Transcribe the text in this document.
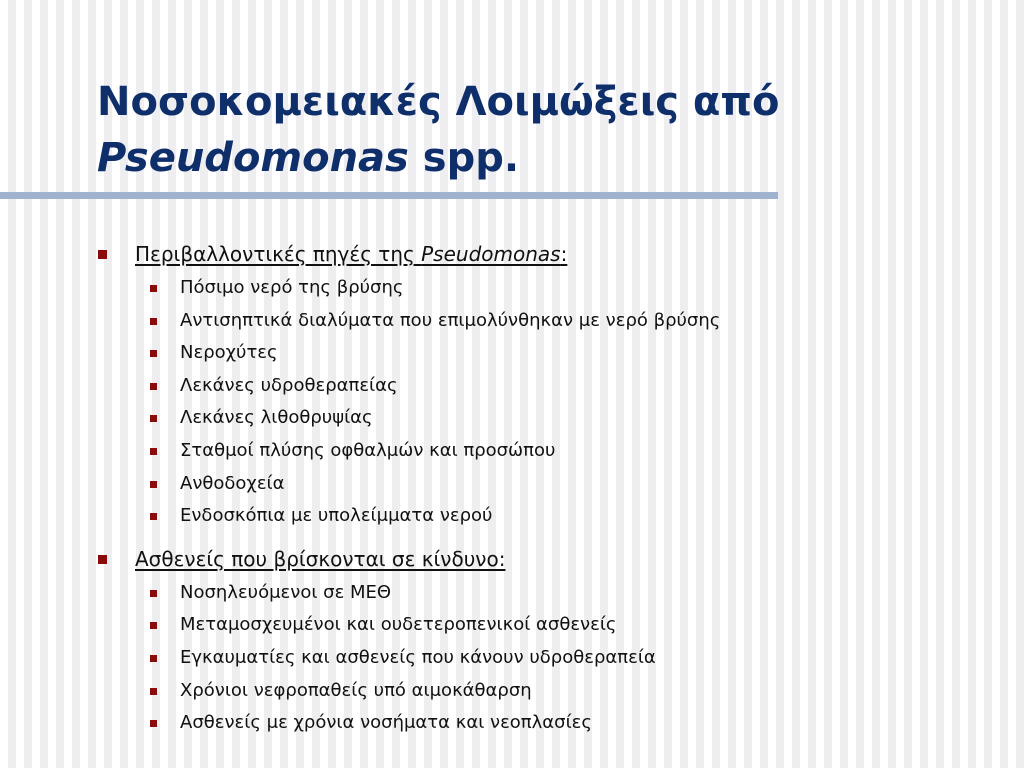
Νοσοκομειακές Λοιμώξεις από
Pseudomonas spp.
Περιβαλλοντικές πηγές της Pseudomonas:
Πόσιμο νερό της βρύσης
Αντισηπτικά διαλύματα που επιμολύνθηκαν με νερό βρύσης
Νεροχύτες
Λεκάνες υδροθεραπείας
Λεκάνες λιθοθρυψίας
Σταθμοί πλύσης οφθαλμών και προσώπου
Ανθοδοχεία
Ενδοσκόπια με υπολείμματα νερού
Ασθενείς που βρίσκονται σε κίνδυνο:
Νοσηλευόμενοι σε ΜΕΘ
Μεταμοσχευμένοι και ουδετεροπενικοί ασθενείς
Εγκαυματίες και ασθενείς που κάνουν υδροθεραπεία
Χρόνιοι νεφροπαθείς υπό αιμοκάθαρση
Ασθενείς με χρόνια νοσήματα και νεοπλασίες
